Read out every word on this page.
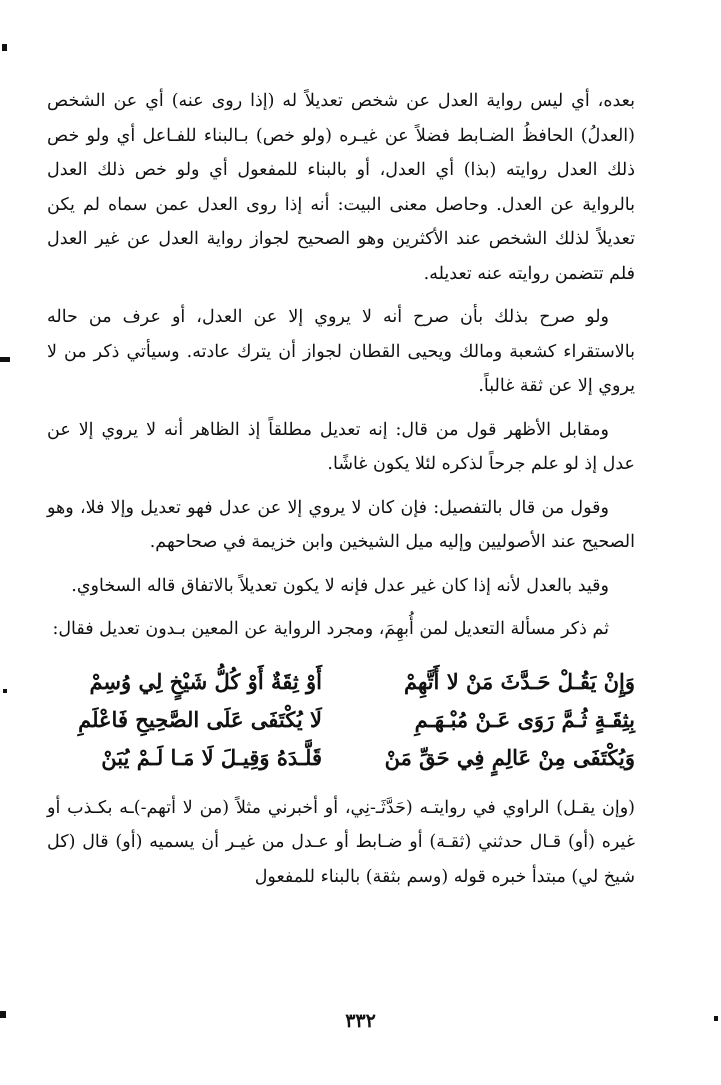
بعده، أي ليس رواية العدل عن شخص تعديلاً له (إذا روى عنه) أي عن الشخص (العدلُ) الحافظُ الضـابط فضلاً عن غيـره (ولو خص) بـالبناء للفـاعل أي ولو خص ذلك العدل روايته (بذا) أي العدل، أو بالبناء للمفعول أي ولو خص ذلك العدل بالرواية عن العدل. وحاصل معنى البيت: أنه إذا روى العدل عمن سماه لم يكن تعديلاً لذلك الشخص عند الأكثرين وهو الصحيح لجواز رواية العدل عن غير العدل فلم تتضمن روايته عنه تعديله.

ولو صرح بذلك بأن صرح أنه لا يروي إلا عن العدل، أو عرف من حاله بالاستقراء كشعبة ومالك ويحيى القطان لجواز أن يترك عادته. وسيأتي ذكر من لا يروي إلا عن ثقة غالباً.

ومقابل الأظهر قول من قال: إنه تعديل مطلقاً إذ الظاهر أنه لا يروي إلا عن عدل إذ لو علم جرحاً لذكره لئلا يكون غاشًا.

وقول من قال بالتفصيل: فإن كان لا يروي إلا عن عدل فهو تعديل وإلا فلا، وهو الصحيح عند الأصوليين وإليه ميل الشيخين وابن خزيمة في صحاحهم.

وقيد بالعدل لأنه إذا كان غير عدل فإنه لا يكون تعديلاً بالاتفاق قاله السخاوي.

ثم ذكر مسألة التعديل لمن أُبهِمَ، ومجرد الرواية عن المعين بـدون تعديل فقال:

وَإِنْ يَقُـلْ حَـدَّثَ مَنْ لا أَتَّهِمْ
أَوْ ثِقَةٌ أَوْ كُلُّ شَيْخٍ لِي وُسِمْ
بِثِقَـةٍ ثُـمَّ رَوَى عَـنْ مُبْـهَـمِ
لَا يُكْتَفَى عَلَى الصَّحِيحِ فَاعْلَمِ
وَيُكْتَفَى مِنْ عَالِمٍ فِي حَقِّ مَنْ
قَلَّـدَهُ وَقِيـلَ لَا مَـا لَـمْ يُبَنْ

(وإن يقـل) الراوي في روايتـه (حَدَّثَـ-نِي، أو أخبرني مثلاً (من لا أتهم-)ـه بكـذب أو غيره (أو) قـال حدثني (ثقـة) أو ضـابط أو عـدل من غيـر أن يسميه (أو) قال (كل شيخ لي) مبتدأ خبره قوله (وسم بثقة) بالبناء للمفعول

٣٣٢
